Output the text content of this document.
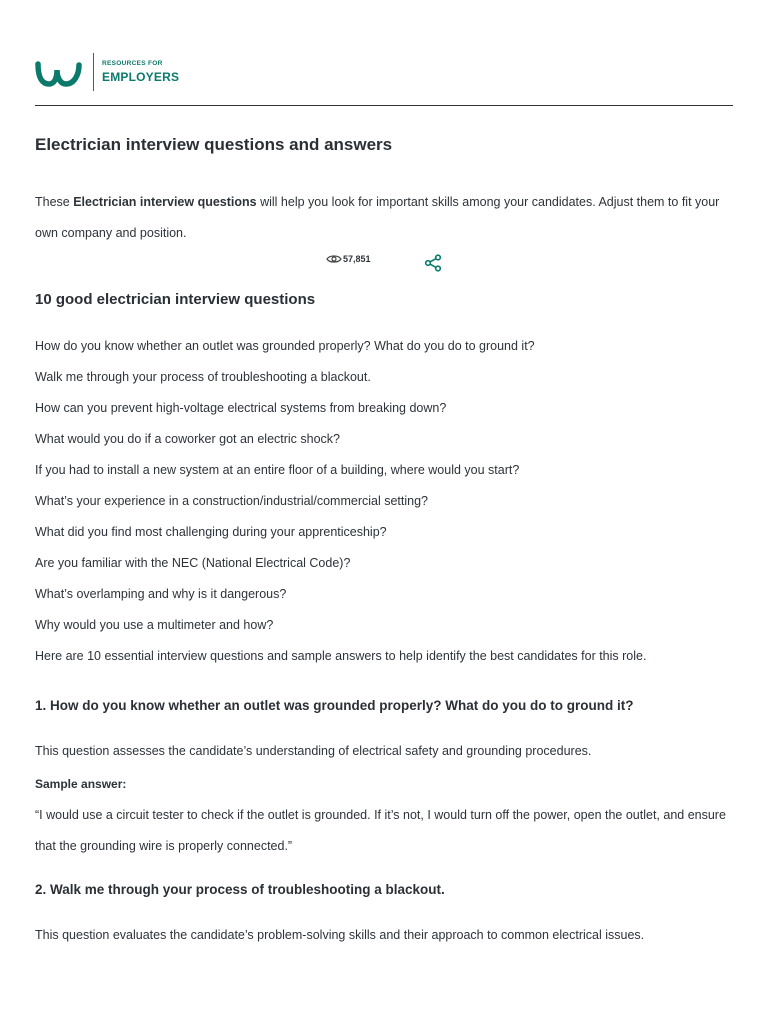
RESOURCES FOR
EMPLOYERS
Electrician interview questions and answers

These Electrician interview questions will help you look for important skills among your candidates. Adjust them to fit your own company and position.

57,851
10 good electrician interview questions
How do you know whether an outlet was grounded properly? What do you do to ground it?
Walk me through your process of troubleshooting a blackout.
How can you prevent high-voltage electrical systems from breaking down?
What would you do if a coworker got an electric shock?
If you had to install a new system at an entire floor of a building, where would you start?
What’s your experience in a construction/industrial/commercial setting?
What did you find most challenging during your apprenticeship?
Are you familiar with the NEC (National Electrical Code)?
What’s overlamping and why is it dangerous?
Why would you use a multimeter and how?

Here are 10 essential interview questions and sample answers to help identify the best candidates for this role.

1. How do you know whether an outlet was grounded properly? What do you do to ground it?

This question assesses the candidate’s understanding of electrical safety and grounding procedures.

Sample answer:

“I would use a circuit tester to check if the outlet is grounded. If it’s not, I would turn off the power, open the outlet, and ensure that the grounding wire is properly connected.”

2. Walk me through your process of troubleshooting a blackout.

This question evaluates the candidate’s problem-solving skills and their approach to common electrical issues.
